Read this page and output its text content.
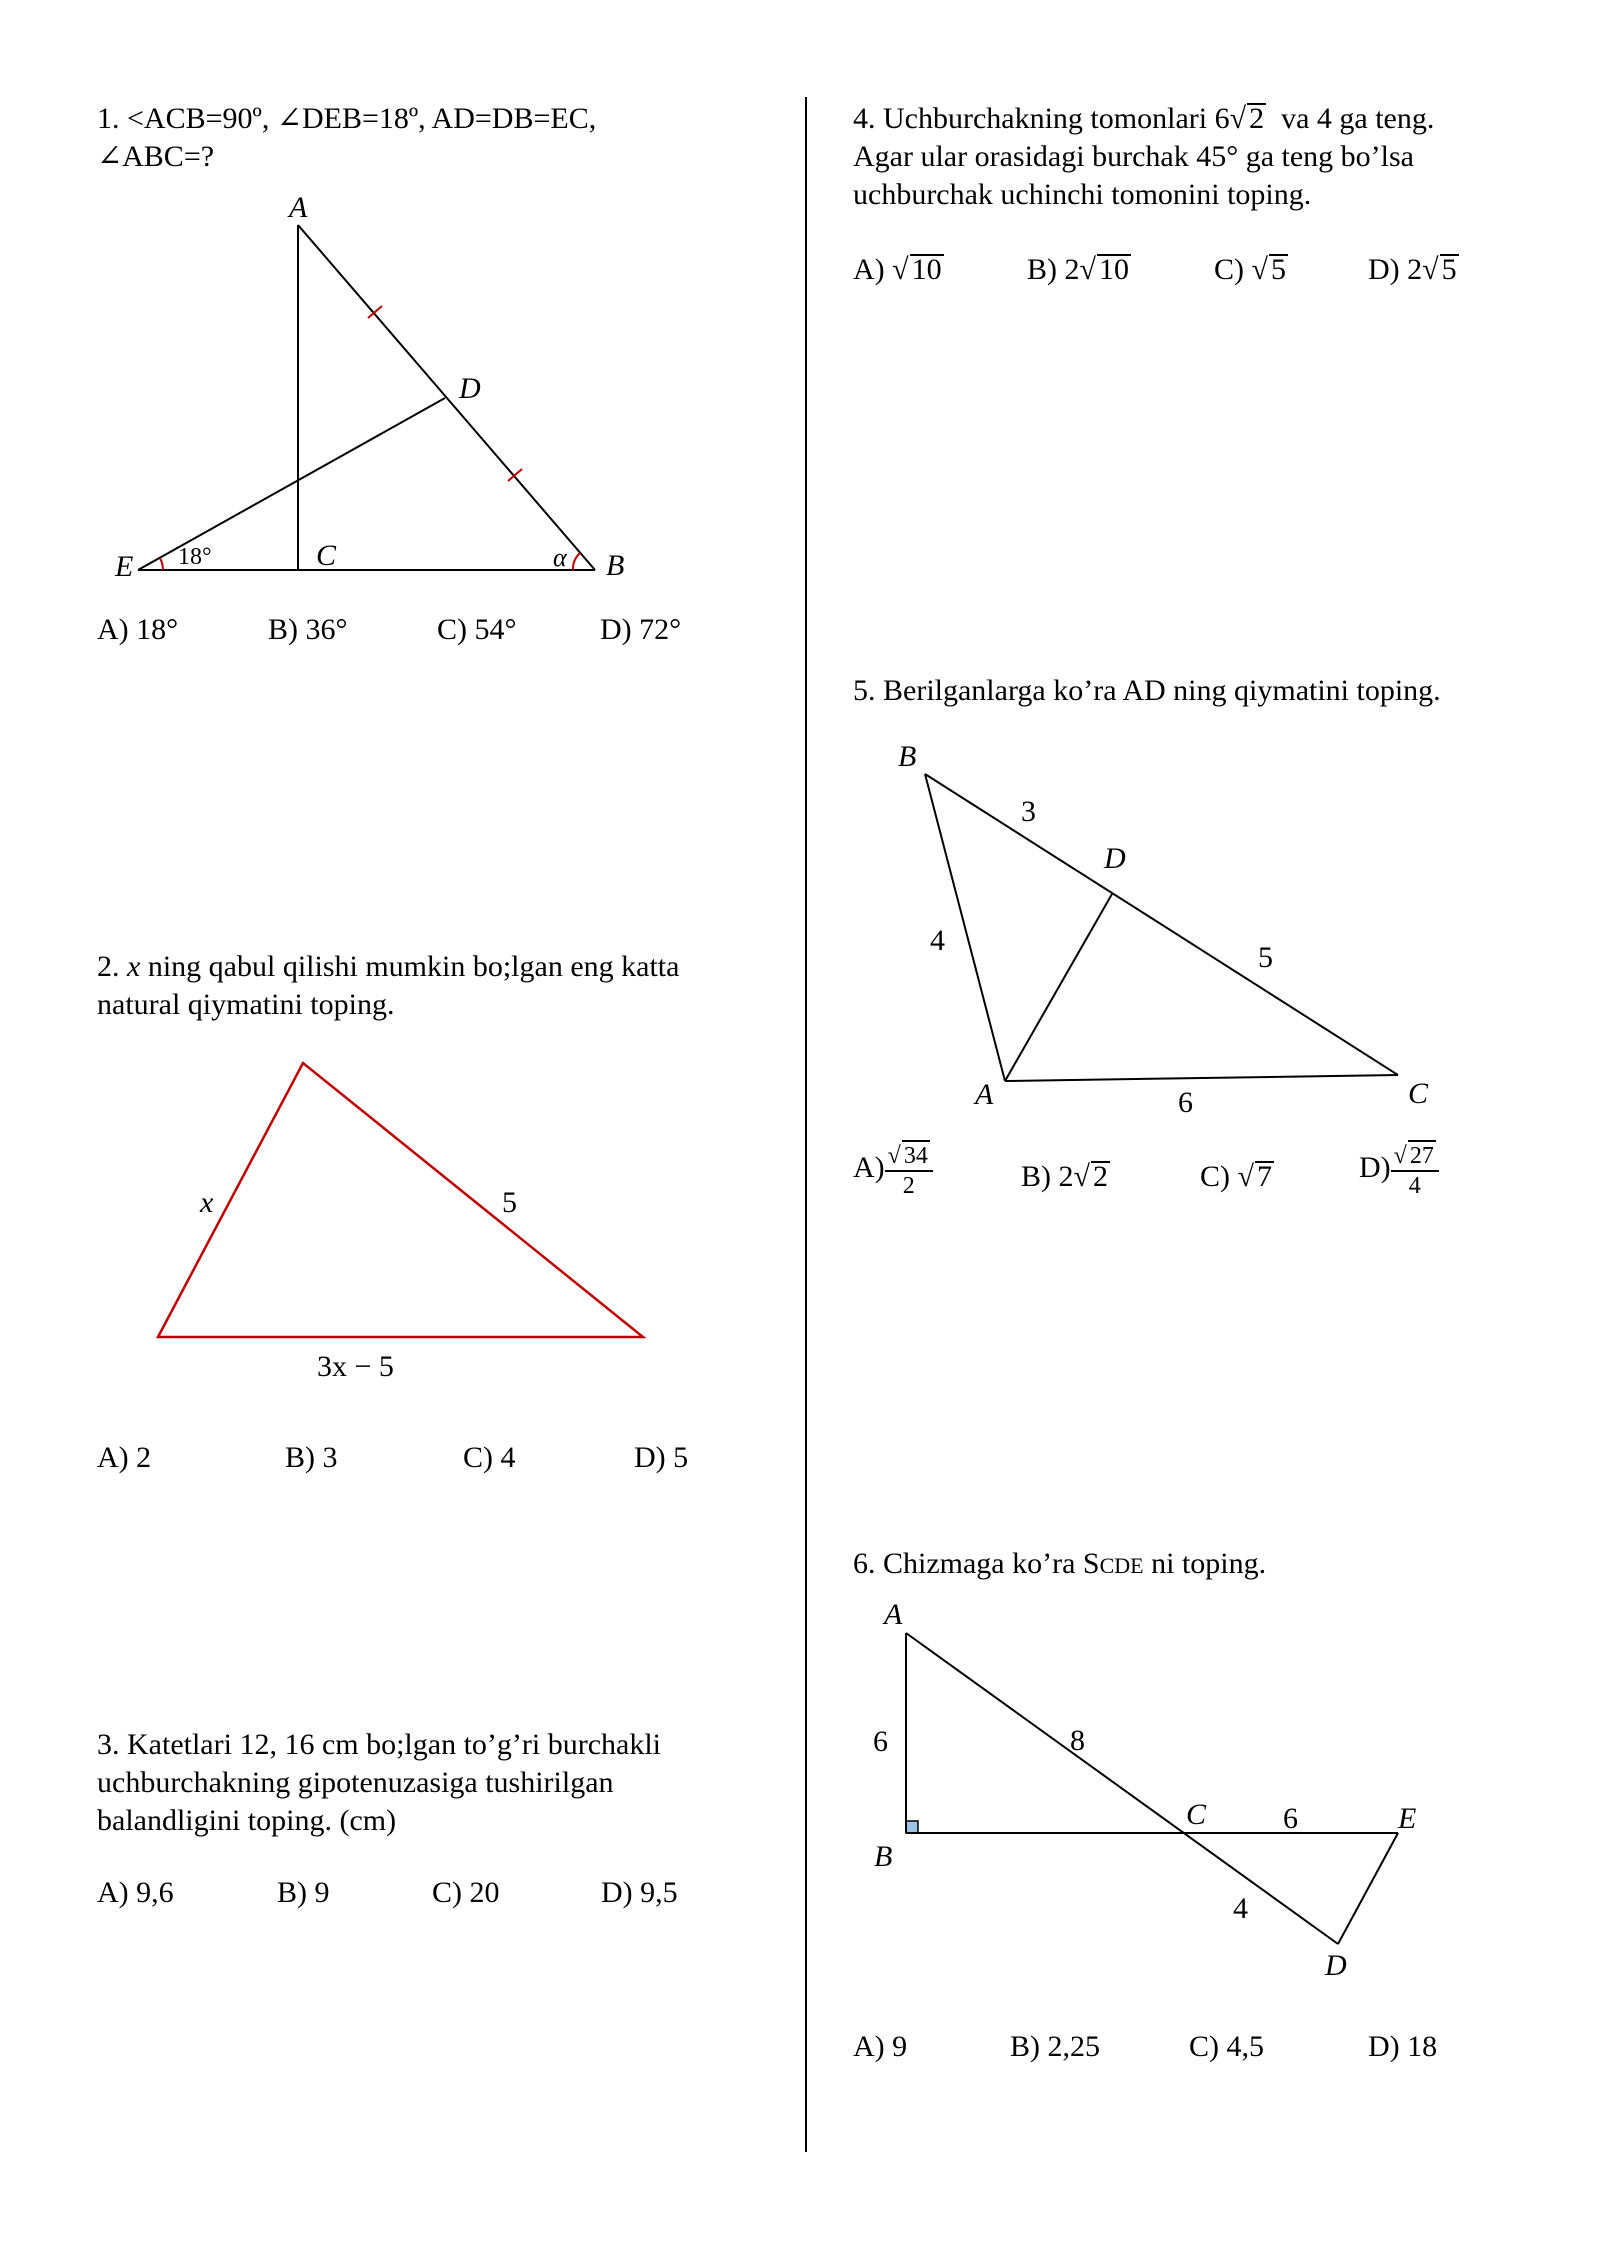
1. <ACB=90º, ∠DEB=18º, AD=DB=EC,
∠ABC=?
A
D
E	C	B
18°	α
A) 18°	B) 36°	C) 54°	D) 72°
2. x ning qabul qilishi mumkin bo;lgan eng katta
natural qiymatini toping.
x	5
3x − 5
A) 2	B) 3	C) 4	D) 5
3. Katetlari 12, 16 cm bo;lgan to’g’ri burchakli
uchburchakning gipotenuzasiga tushirilgan
balandligini toping. (cm)
A) 9,6	B) 9	C) 20	D) 9,5
4. Uchburchakning tomonlari 6√ 2  va 4 ga teng.
Agar ular orasidagi burchak 45° ga teng bo’lsa
uchburchak uchinchi tomonini toping.
A) √ 10	B) 2√ 10	C) √ 5	D) 2√ 5
5. Berilganlarga ko’ra AD ning qiymatini toping.
B
D
A	C
3
5
4
6
$A) \frac{√ 34}{2}$	B) 2√ 2	C) √ 7	$D) \frac{√ 27}{4}$
6. Chizmaga ko’ra SCDE ni toping.
A
B
C
D
E
6	8
6
4
A) 9	B) 2,25	C) 4,5	D) 18
